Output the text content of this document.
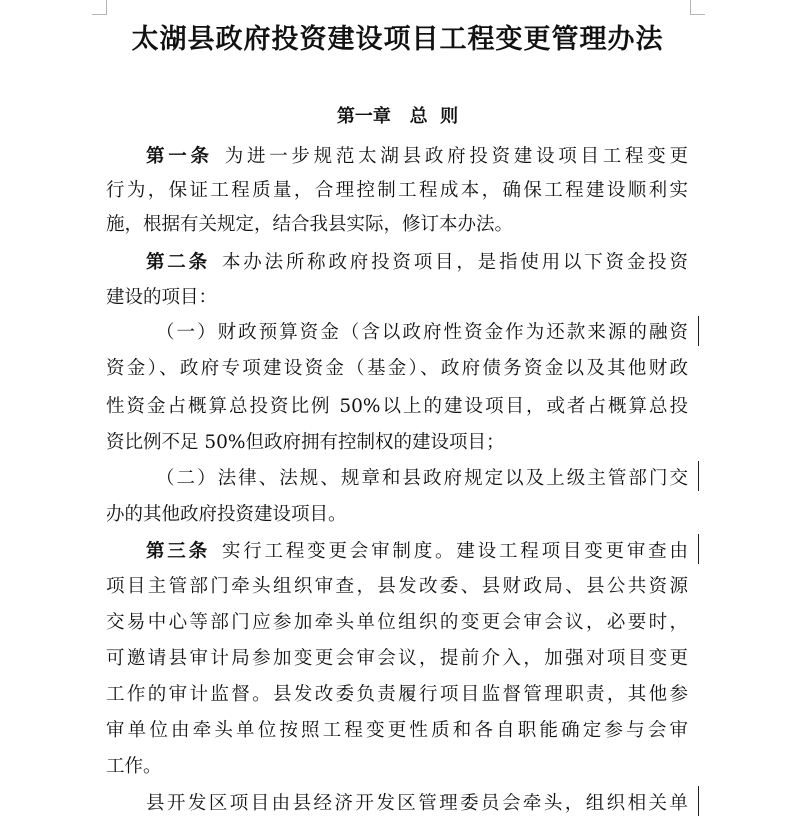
太湖县政府投资建设项目工程变更管理办法
第一章   总  则
第一条 为进一步规范太湖县政府投资建设项目工程变更
行为，保证工程质量，合理控制工程成本，确保工程建设顺利实
施，根据有关规定，结合我县实际，修订本办法。
第二条 本办法所称政府投资项目，是指使用以下资金投资
建设的项目：
（一）财政预算资金（含以政府性资金作为还款来源的融资
资金）、政府专项建设资金（基金）、政府债务资金以及其他财政
性资金占概算总投资比例 50%以上的建设项目，或者占概算总投
资比例不足 50%但政府拥有控制权的建设项目；
（二）法律、法规、规章和县政府规定以及上级主管部门交
办的其他政府投资建设项目。
第三条 实行工程变更会审制度。建设工程项目变更审查由
项目主管部门牵头组织审查，县发改委、县财政局、县公共资源
交易中心等部门应参加牵头单位组织的变更会审会议，必要时，
可邀请县审计局参加变更会审会议，提前介入，加强对项目变更
工作的审计监督。县发改委负责履行项目监督管理职责，其他参
审单位由牵头单位按照工程变更性质和各自职能确定参与会审
工作。
县开发区项目由县经济开发区管理委员会牵头，组织相关单
